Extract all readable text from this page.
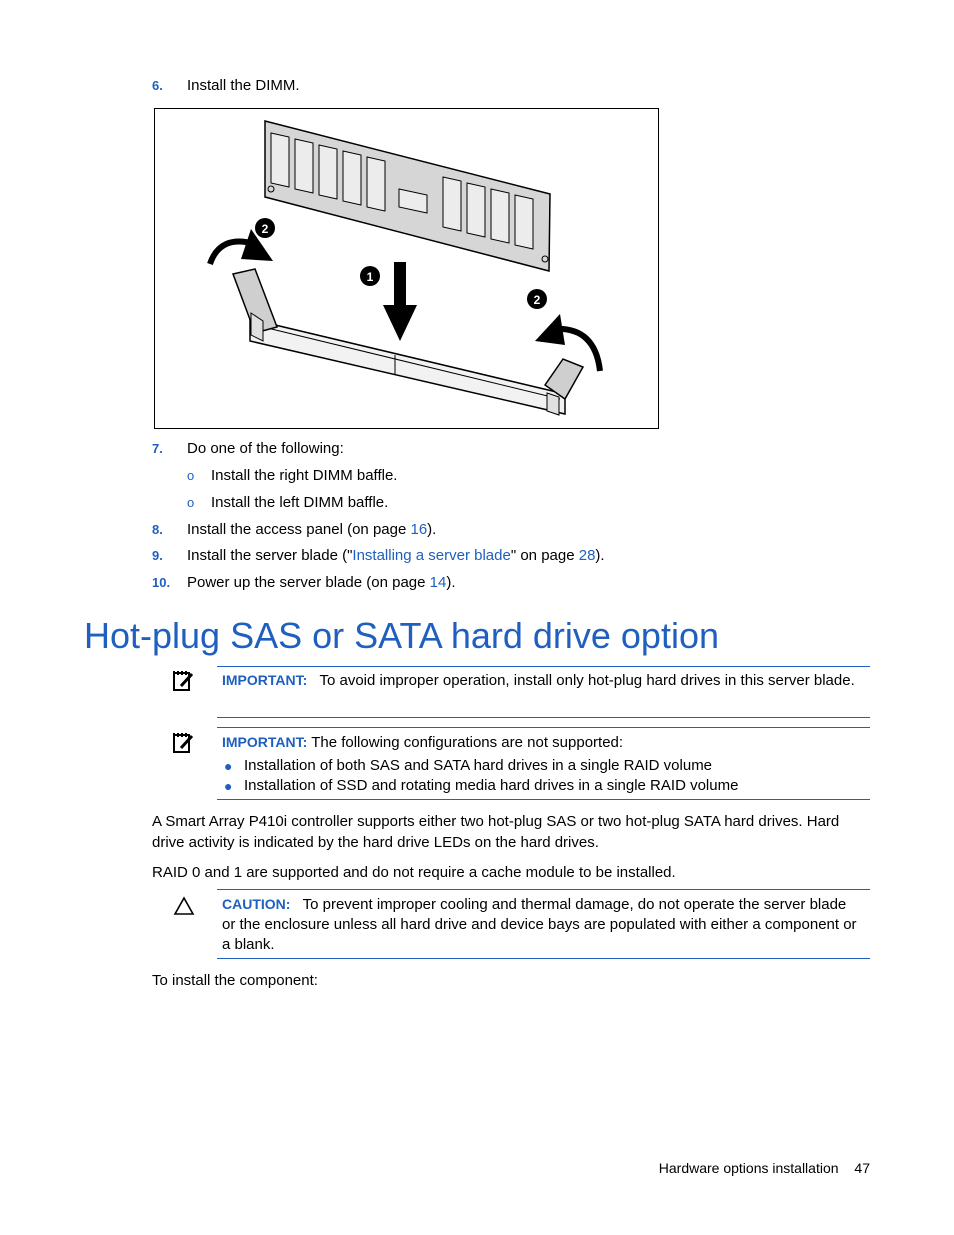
6. Install the DIMM.
2
1
2
7. Do one of the following:
o Install the right DIMM baffle.
o Install the left DIMM baffle.
8. Install the access panel (on page 16).
9. Install the server blade ("Installing a server blade" on page 28).
10. Power up the server blade (on page 14).
Hot-plug SAS or SATA hard drive option
IMPORTANT: To avoid improper operation, install only hot-plug hard drives in this server blade.
IMPORTANT: The following configurations are not supported:
● Installation of both SAS and SATA hard drives in a single RAID volume
● Installation of SSD and rotating media hard drives in a single RAID volume
A Smart Array P410i controller supports either two hot-plug SAS or two hot-plug SATA hard drives. Hard
drive activity is indicated by the hard drive LEDs on the hard drives.
RAID 0 and 1 are supported and do not require a cache module to be installed.
CAUTION: To prevent improper cooling and thermal damage, do not operate the server blade
or the enclosure unless all hard drive and device bays are populated with either a component or
a blank.
To install the component:
Hardware options installation 47
